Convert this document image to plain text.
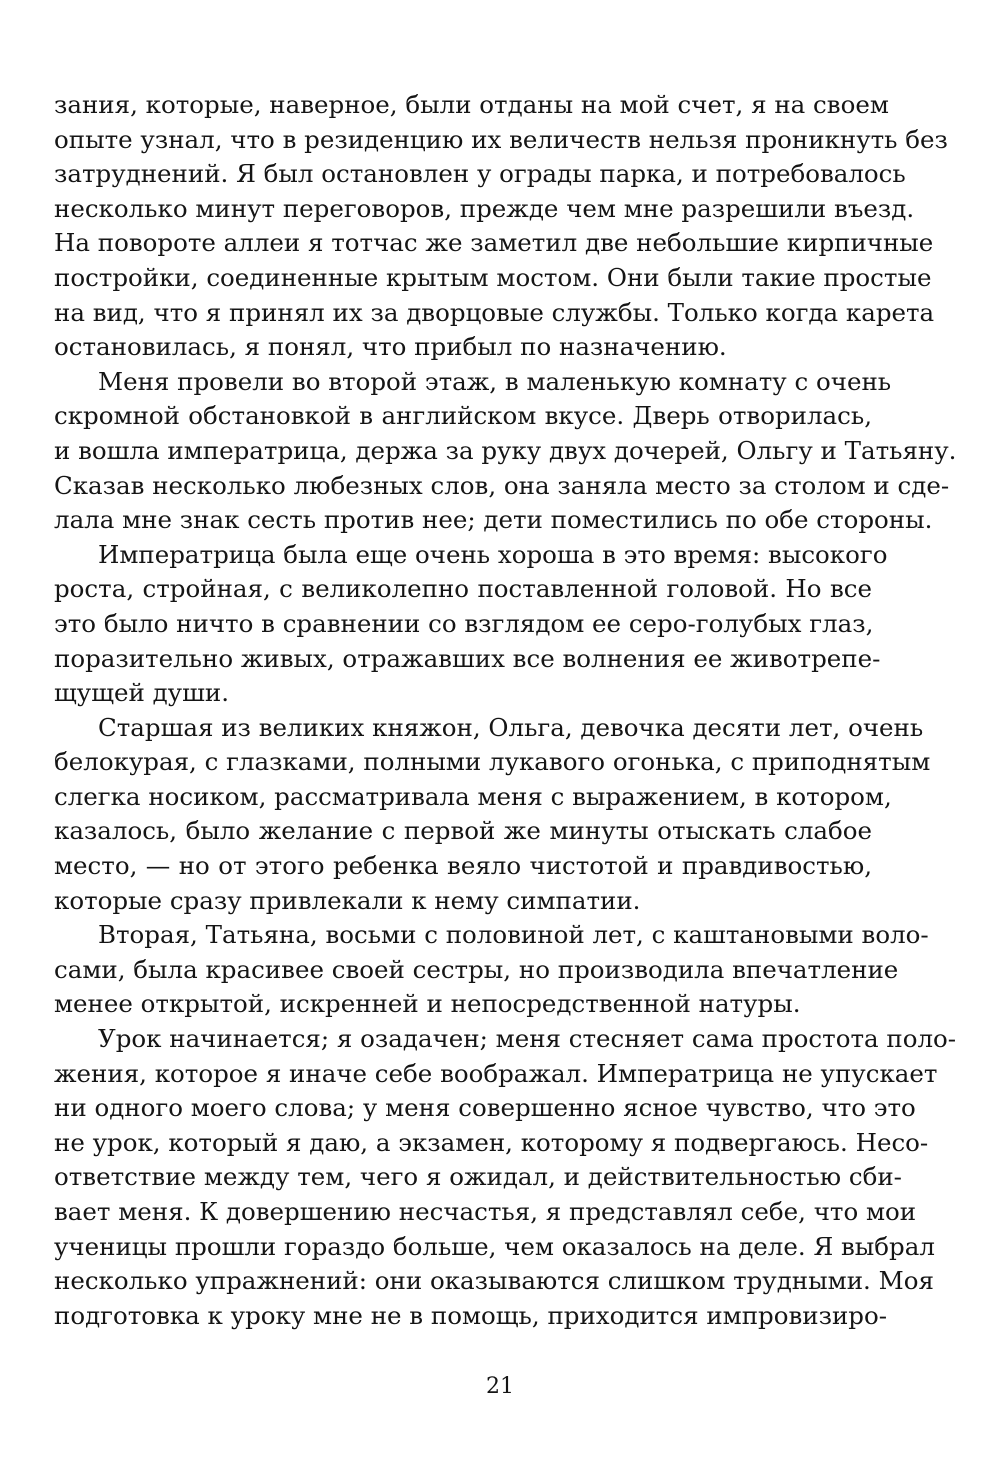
зания, которые, наверное, были отданы на мой счет, я на своем
опыте узнал, что в резиденцию их величеств нельзя проникнуть без
затруднений. Я был остановлен у ограды парка, и потребовалось
несколько минут переговоров, прежде чем мне разрешили въезд.
На повороте аллеи я тотчас же заметил две небольшие кирпичные
постройки, соединенные крытым мостом. Они были такие простые
на вид, что я принял их за дворцовые службы. Только когда карета
остановилась, я понял, что прибыл по назначению.
Меня провели во второй этаж, в маленькую комнату с очень
скромной обстановкой в английском вкусе. Дверь отворилась,
и вошла императрица, держа за руку двух дочерей, Ольгу и Татьяну.
Сказав несколько любезных слов, она заняла место за столом и сде-
лала мне знак сесть против нее; дети поместились по обе стороны.
Императрица была еще очень хороша в это время: высокого
роста, стройная, с великолепно поставленной головой. Но все
это было ничто в сравнении со взглядом ее серо-голубых глаз,
поразительно живых, отражавших все волнения ее животрепе-
щущей души.
Старшая из великих княжон, Ольга, девочка десяти лет, очень
белокурая, с глазками, полными лукавого огонька, с приподнятым
слегка носиком, рассматривала меня с выражением, в котором,
казалось, было желание с первой же минуты отыскать слабое
место, — но от этого ребенка веяло чистотой и правдивостью,
которые сразу привлекали к нему симпатии.
Вторая, Татьяна, восьми с половиной лет, с каштановыми воло-
сами, была красивее своей сестры, но производила впечатление
менее открытой, искренней и непосредственной натуры.
Урок начинается; я озадачен; меня стесняет сама простота поло-
жения, которое я иначе себе воображал. Императрица не упускает
ни одного моего слова; у меня совершенно ясное чувство, что это
не урок, который я даю, а экзамен, которому я подвергаюсь. Несо-
ответствие между тем, чего я ожидал, и действительностью сби-
вает меня. К довершению несчастья, я представлял себе, что мои
ученицы прошли гораздо больше, чем оказалось на деле. Я выбрал
несколько упражнений: они оказываются слишком трудными. Моя
подготовка к уроку мне не в помощь, приходится импровизиро-
21
